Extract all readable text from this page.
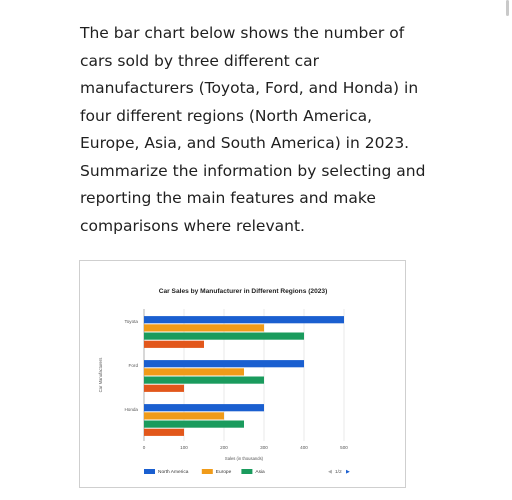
The bar chart below shows the number of

cars sold by three different car

manufacturers (Toyota, Ford, and Honda) in

four different regions (North America,

Europe, Asia, and South America) in 2023.

Summarize the information by selecting and

reporting the main features and make

comparisons where relevant.

Car Sales by Manufacturer in Different Regions (2023)
0	100	200	300	400	500
Sales (in thousands)
Car Manufacturers
Toyota
Ford
Honda
North America	Europe	Asia	◀ 1/2 ▶
